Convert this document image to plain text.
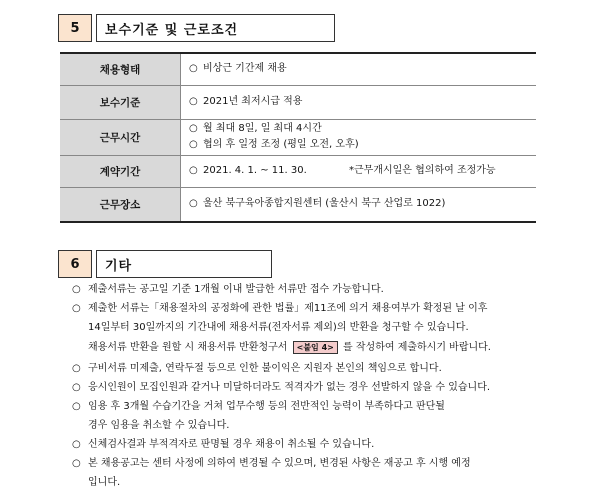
5	보수기준 및 근로조건
채용형태	○ 비상근 기간제 채용
보수기준	○ 2021년 최저시급 적용
근무시간	○ 월 최대 8일, 일 최대 4시간
○ 협의 후 일정 조정 (평일 오전, 오후)

계약기간	○ 2021. 4. 1. ~ 11. 30. *근무개시일은 협의하여 조정가능

근무장소	○ 울산 북구육아종합지원센터 (울산시 북구 산업로 1022)
6	기타
○ 제출서류는 공고일 기준 1개월 이내 발급한 서류만 접수 가능합니다.
○ 제출한 서류는「채용절차의 공정화에 관한 법률」제11조에 의거 채용여부가 확정된 날 이후
14일부터 30일까지의 기간내에 채용서류(전자서류 제외)의 반환을 청구할 수 있습니다.
채용서류 반환을 원할 시 채용서류 반환청구서 <붙임 4> 를 작성하여 제출하시기 바랍니다.
○ 구비서류 미제출, 연락두절 등으로 인한 불이익은 지원자 본인의 책임으로 합니다.
○ 응시인원이 모집인원과 같거나 미달하더라도 적격자가 없는 경우 선발하지 않을 수 있습니다.
○ 임용 후 3개월 수습기간을 거쳐 업무수행 등의 전반적인 능력이 부족하다고 판단될
경우 임용을 취소할 수 있습니다.
○ 신체검사결과 부적격자로 판명될 경우 채용이 취소될 수 있습니다.
○ 본 채용공고는 센터 사정에 의하여 변경될 수 있으며, 변경된 사항은 재공고 후 시행 예정
입니다.
